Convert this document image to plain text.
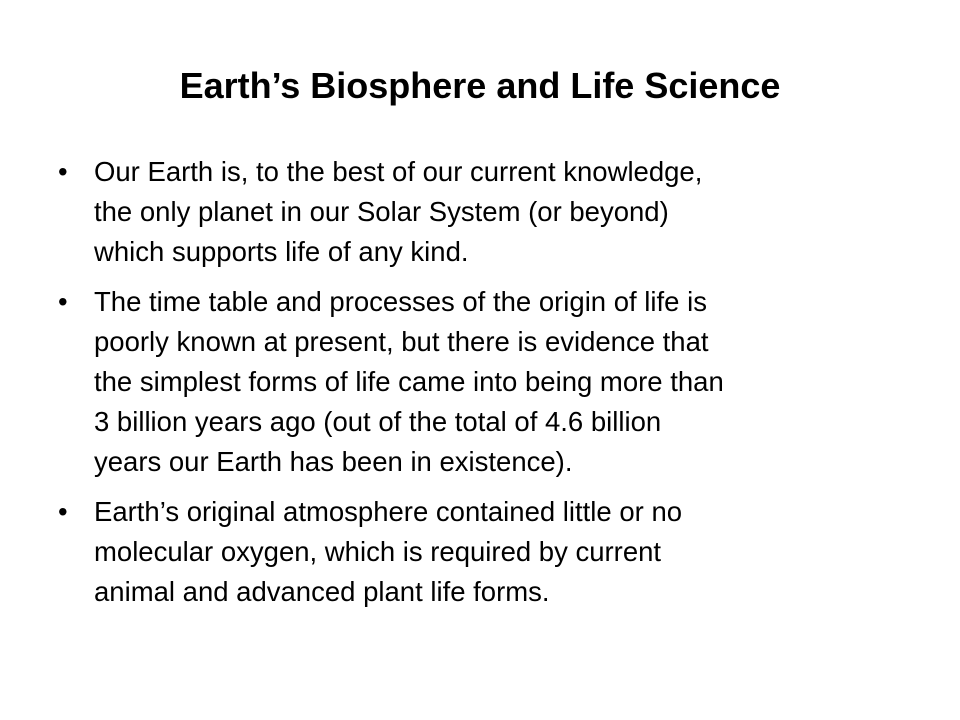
Earth’s Biosphere and Life Science
• Our Earth is, to the best of our current knowledge,
the only planet in our Solar System (or beyond)
which supports life of any kind.
• The time table and processes of the origin of life is
poorly known at present, but there is evidence that
the simplest forms of life came into being more than
3 billion years ago (out of the total of 4.6 billion
years our Earth has been in existence).
• Earth’s original atmosphere contained little or no
molecular oxygen, which is required by current
animal and advanced plant life forms.
